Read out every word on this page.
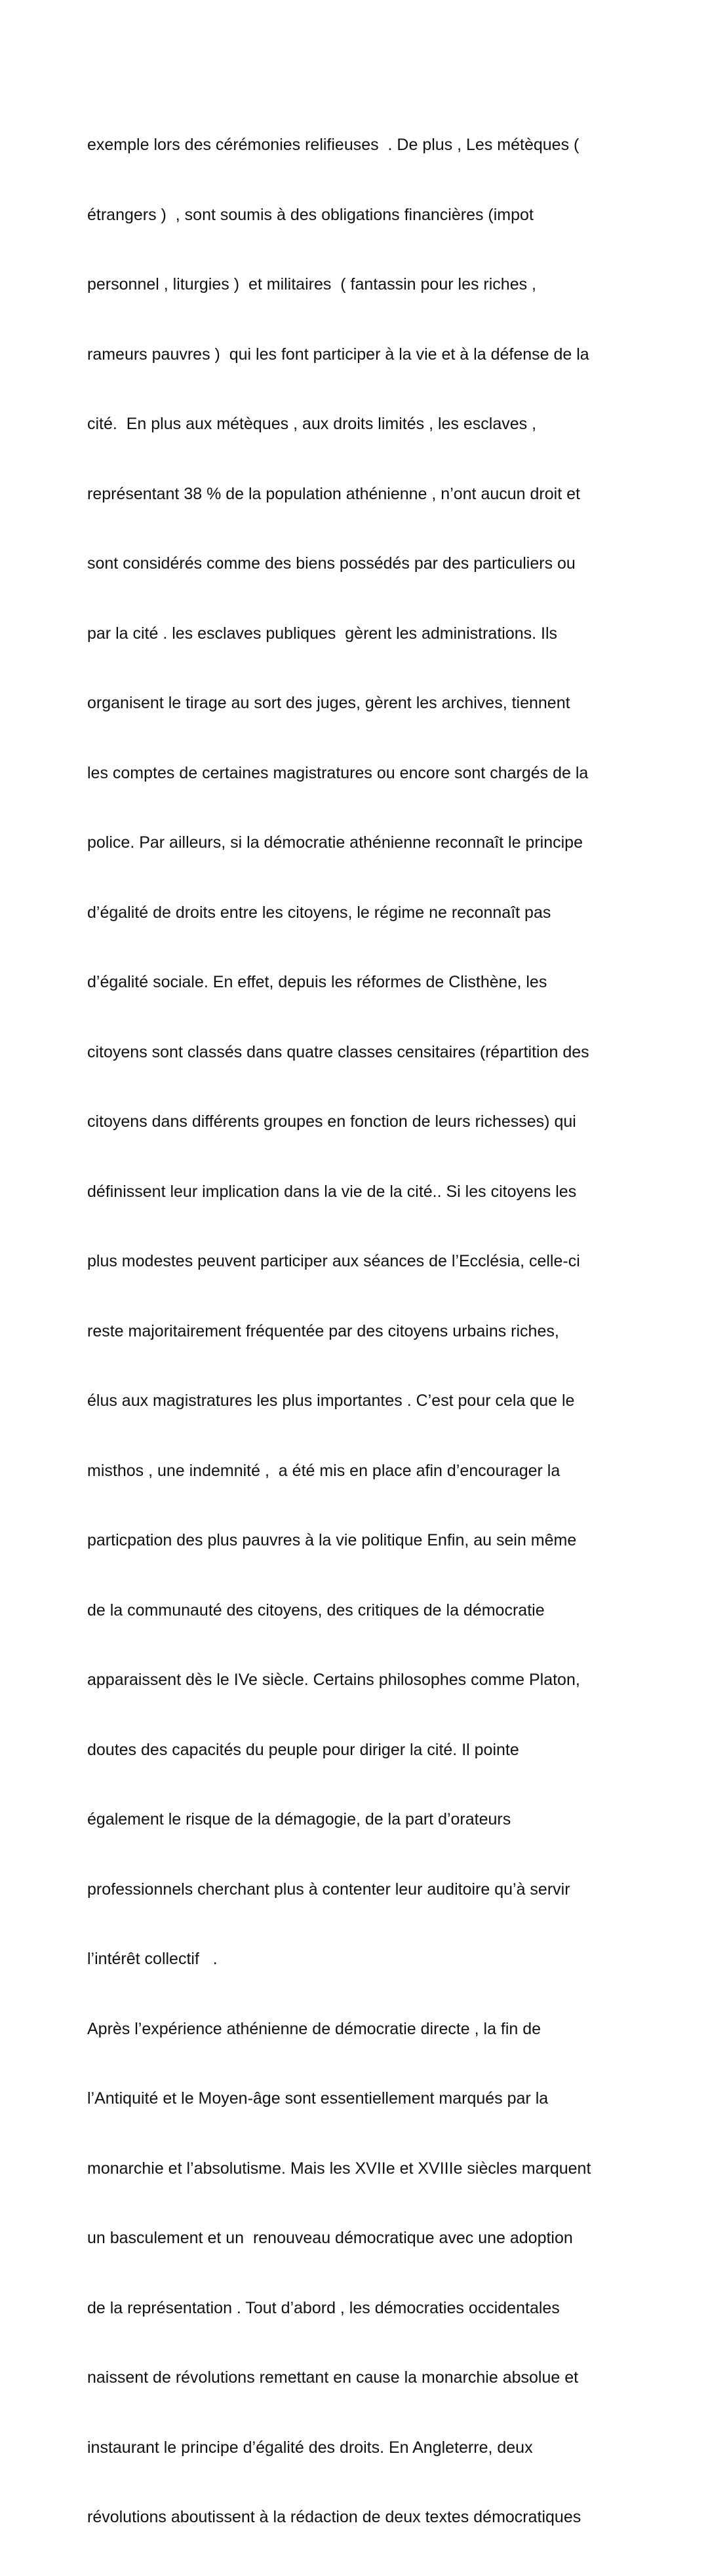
exemple lors des cérémonies relifieuses  . De plus , Les métèques (

étrangers )  , sont soumis à des obligations financières (impot

personnel , liturgies )  et militaires  ( fantassin pour les riches ,

rameurs pauvres )  qui les font participer à la vie et à la défense de la

cité.  En plus aux métèques , aux droits limités , les esclaves ,

représentant 38 % de la population athénienne , n’ont aucun droit et

sont considérés comme des biens possédés par des particuliers ou

par la cité . les esclaves publiques  gèrent les administrations. Ils

organisent le tirage au sort des juges, gèrent les archives, tiennent

les comptes de certaines magistratures ou encore sont chargés de la

police. Par ailleurs, si la démocratie athénienne reconnaît le principe

d’égalité de droits entre les citoyens, le régime ne reconnaît pas

d’égalité sociale. En effet, depuis les réformes de Clisthène, les

citoyens sont classés dans quatre classes censitaires (répartition des

citoyens dans différents groupes en fonction de leurs richesses) qui

définissent leur implication dans la vie de la cité.. Si les citoyens les

plus modestes peuvent participer aux séances de l’Ecclésia, celle-ci

reste majoritairement fréquentée par des citoyens urbains riches,

élus aux magistratures les plus importantes . C’est pour cela que le

misthos , une indemnité ,  a été mis en place afin d’encourager la

particpation des plus pauvres à la vie politique Enfin, au sein même

de la communauté des citoyens, des critiques de la démocratie

apparaissent dès le IVe siècle. Certains philosophes comme Platon,

doutes des capacités du peuple pour diriger la cité. Il pointe

également le risque de la démagogie, de la part d’orateurs

professionnels cherchant plus à contenter leur auditoire qu’à servir

l’intérêt collectif   .

Après l’expérience athénienne de démocratie directe , la fin de

l’Antiquité et le Moyen-âge sont essentiellement marqués par la

monarchie et l’absolutisme. Mais les XVIIe et XVIIIe siècles marquent

un basculement et un  renouveau démocratique avec une adoption

de la représentation . Tout d’abord , les démocraties occidentales

naissent de révolutions remettant en cause la monarchie absolue et

instaurant le principe d’égalité des droits. En Angleterre, deux

révolutions aboutissent à la rédaction de deux textes démocratiques
